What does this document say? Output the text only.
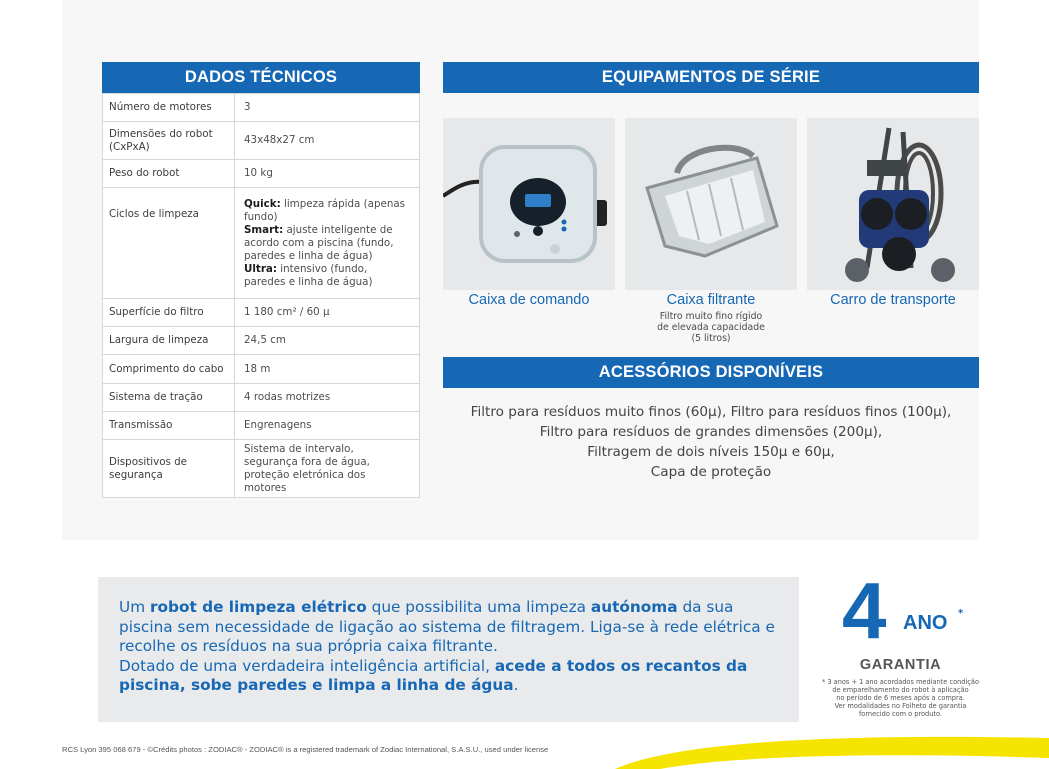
DADOS TÉCNICOS
Número de motores	3
Dimensões do robot (CxPxA)	43x48x27 cm
Peso do robot	10 kg
Ciclos de limpeza	Quick: limpeza rápida (apenas fundo)
Smart: ajuste inteligente de acordo com a piscina (fundo, paredes e linha de água)
Ultra: intensivo (fundo, paredes e linha de água)
Superfície do filtro	1 180 cm² / 60 µ
Largura de limpeza	24,5 cm
Comprimento do cabo	18 m
Sistema de tração	4 rodas motrizes
Transmissão	Engrenagens
Dispositivos de segurança	Sistema de intervalo, segurança fora de água, proteção eletrónica dos motores
EQUIPAMENTOS DE SÉRIE
Caixa de comando	Caixa filtrante
Filtro muito fino rígido
de elevada capacidade
(5 litros)
Carro de transporte
ACESSÓRIOS DISPONÍVEIS
Filtro para resíduos muito finos (60µ), Filtro para resíduos finos (100µ),
Filtro para resíduos de grandes dimensões (200µ),
Filtragem de dois níveis 150µ e 60µ,
Capa de proteção

Um robot de limpeza elétrico que possibilita uma limpeza autónoma da sua piscina sem necessidade de ligação ao sistema de filtragem. Liga-se à rede elétrica e recolhe os resíduos na sua própria caixa filtrante.
Dotado de uma verdadeira inteligência artificial, acede a todos os recantos da piscina, sobe paredes e limpa a linha de água.

4 ANO *
GARANTIA
* 3 anos + 1 ano acordados mediante condição
de emparelhamento do robot à aplicação
no período de 6 meses após a compra.
Ver modalidades no Folheto de garantia
fornecido com o produto.
RCS Lyon 395 068 679 - ©Crédits photos : ZODIAC® - ZODIAC® is a registered trademark of Zodiac International, S.A.S.U., used under license
